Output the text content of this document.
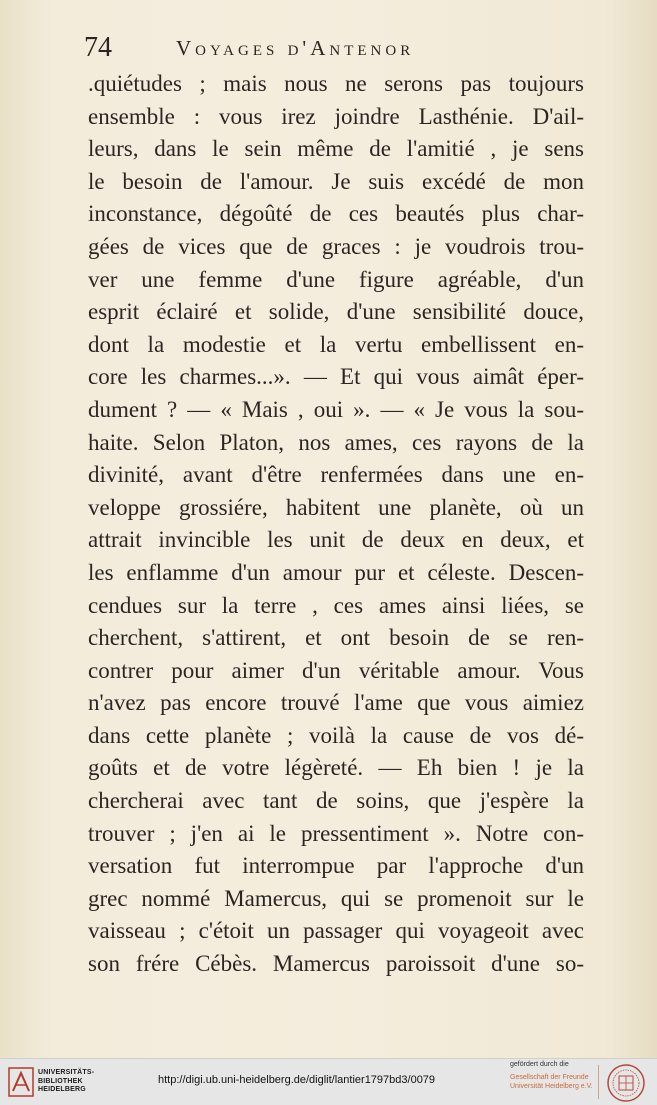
74	Voyages d'Antenor
.quiétudes ; mais nous ne serons pas toujours
ensemble : vous irez joindre Lasthénie. D'ail-
leurs, dans le sein même de l'amitié , je sens
le besoin de l'amour. Je suis excédé de mon
inconstance, dégoûté de ces beautés plus char-
gées de vices que de graces : je voudrois trou-
ver une femme d'une figure agréable, d'un
esprit éclairé et solide, d'une sensibilité douce,
dont la modestie et la vertu embellissent en-
core les charmes...». — Et qui vous aimât éper-
dument ? — « Mais , oui ». — « Je vous la sou-
haite. Selon Platon, nos ames, ces rayons de la
divinité, avant d'être renfermées dans une en-
veloppe grossiére, habitent une planète, où un
attrait invincible les unit de deux en deux, et
les enflamme d'un amour pur et céleste. Descen-
cendues sur la terre , ces ames ainsi liées, se
cherchent, s'attirent, et ont besoin de se ren-
contrer pour aimer d'un véritable amour. Vous
n'avez pas encore trouvé l'ame que vous aimiez
dans cette planète ; voilà la cause de vos dé-
goûts et de votre légèreté. — Eh bien ! je la
chercherai avec tant de soins, que j'espère la
trouver ; j'en ai le pressentiment ». Notre con-
versation fut interrompue par l'approche d'un
grec nommé Mamercus, qui se promenoit sur le
vaisseau ; c'étoit un passager qui voyageoit avec
son frére Cébès. Mamercus paroissoit d'une so-
UNIVERSITÄTS-
BIBLIOTHEK
HEIDELBERG
http://digi.ub.uni-heidelberg.de/diglit/lantier1797bd3/0079
gefördert durch die
Gesellschaft der Freunde
Universität Heidelberg e.V.
